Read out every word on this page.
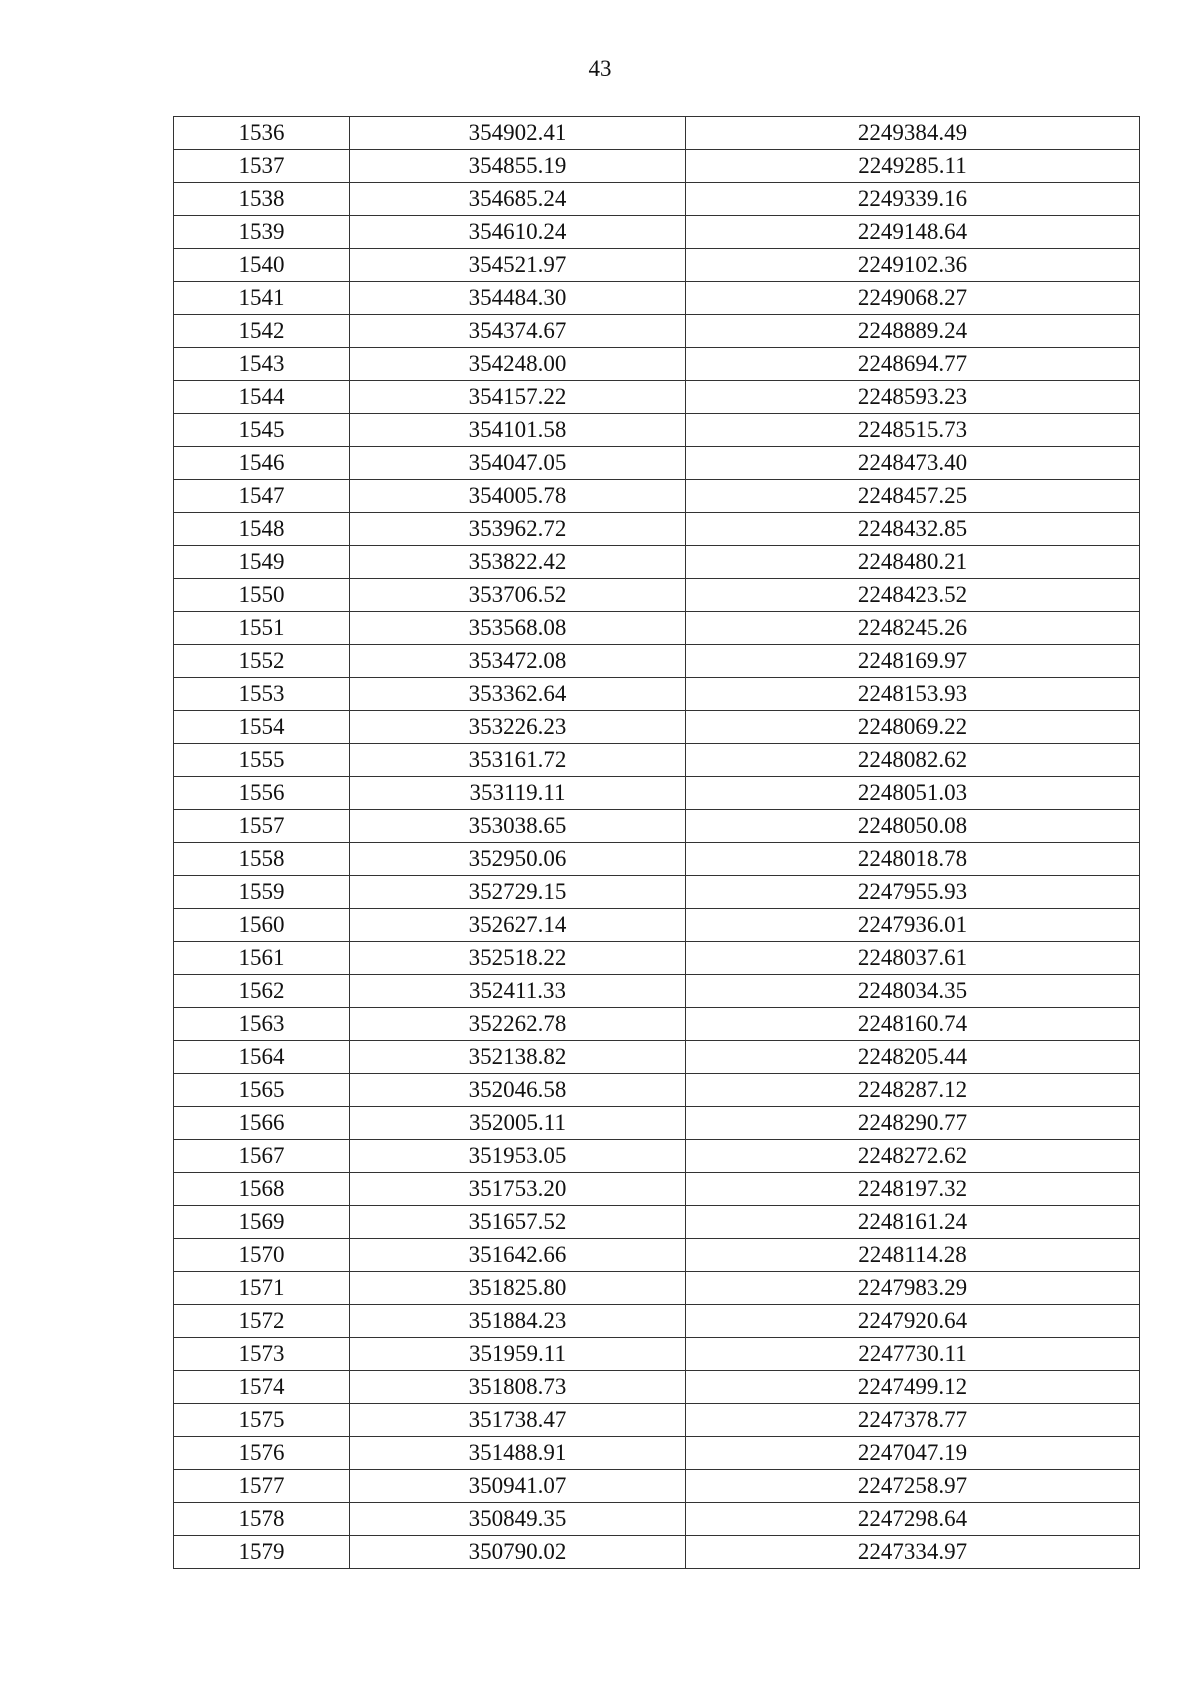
43
1536	354902.41	2249384.49
1537	354855.19	2249285.11
1538	354685.24	2249339.16
1539	354610.24	2249148.64
1540	354521.97	2249102.36
1541	354484.30	2249068.27
1542	354374.67	2248889.24
1543	354248.00	2248694.77
1544	354157.22	2248593.23
1545	354101.58	2248515.73
1546	354047.05	2248473.40
1547	354005.78	2248457.25
1548	353962.72	2248432.85
1549	353822.42	2248480.21
1550	353706.52	2248423.52
1551	353568.08	2248245.26
1552	353472.08	2248169.97
1553	353362.64	2248153.93
1554	353226.23	2248069.22
1555	353161.72	2248082.62
1556	353119.11	2248051.03
1557	353038.65	2248050.08
1558	352950.06	2248018.78
1559	352729.15	2247955.93
1560	352627.14	2247936.01
1561	352518.22	2248037.61
1562	352411.33	2248034.35
1563	352262.78	2248160.74
1564	352138.82	2248205.44
1565	352046.58	2248287.12
1566	352005.11	2248290.77
1567	351953.05	2248272.62
1568	351753.20	2248197.32
1569	351657.52	2248161.24
1570	351642.66	2248114.28
1571	351825.80	2247983.29
1572	351884.23	2247920.64
1573	351959.11	2247730.11
1574	351808.73	2247499.12
1575	351738.47	2247378.77
1576	351488.91	2247047.19
1577	350941.07	2247258.97
1578	350849.35	2247298.64
1579	350790.02	2247334.97
